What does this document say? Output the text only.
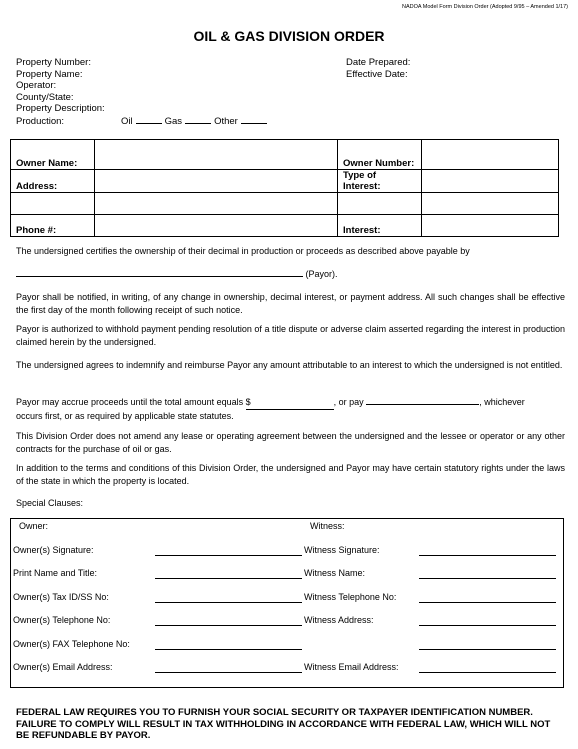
NADOA Model Form Division Order (Adopted 9/95 – Amended 1/17)
OIL & GAS DIVISION ORDER
Property Number:
Property Name:
Operator:
County/State:
Property Description:
Production:	Oil	Gas	Other
Date Prepared:
Effective Date:
Owner Name:		Owner Number:	
Address:		Type of Interest:	

Phone #:		Interest:	
The undersigned certifies the ownership of their decimal in production or proceeds as described above payable by
(Payor).
Payor shall be notified, in writing, of any change in ownership, decimal interest, or payment address. All such changes shall be effective the first day of the month following receipt of such notice.
Payor is authorized to withhold payment pending resolution of a title dispute or adverse claim asserted regarding the interest in production claimed herein by the undersigned.
The undersigned agrees to indemnify and reimburse Payor any amount attributable to an interest to which the undersigned is not entitled.
Payor may accrue proceeds until the total amount equals $	, or pay	, whichever
occurs first, or as required by applicable state statutes.
This Division Order does not amend any lease or operating agreement between the undersigned and the lessee or operator or any other contracts for the purchase of oil or gas.
In addition to the terms and conditions of this Division Order, the undersigned and Payor may have certain statutory rights under the laws of the state in which the property is located.
Special Clauses:
Owner:	Witness:
Owner(s) Signature:	Witness Signature:
Print Name and Title:	Witness Name:
Owner(s) Tax ID/SS No:	Witness Telephone No:
Owner(s) Telephone No:	Witness Address:
Owner(s) FAX Telephone No:
Owner(s) Email Address:	Witness Email Address:
FEDERAL LAW REQUIRES YOU TO FURNISH YOUR SOCIAL SECURITY OR TAXPAYER IDENTIFICATION NUMBER. FAILURE TO COMPLY WILL RESULT IN TAX WITHHOLDING IN ACCORDANCE WITH FEDERAL LAW, WHICH WILL NOT BE REFUNDABLE BY PAYOR.
